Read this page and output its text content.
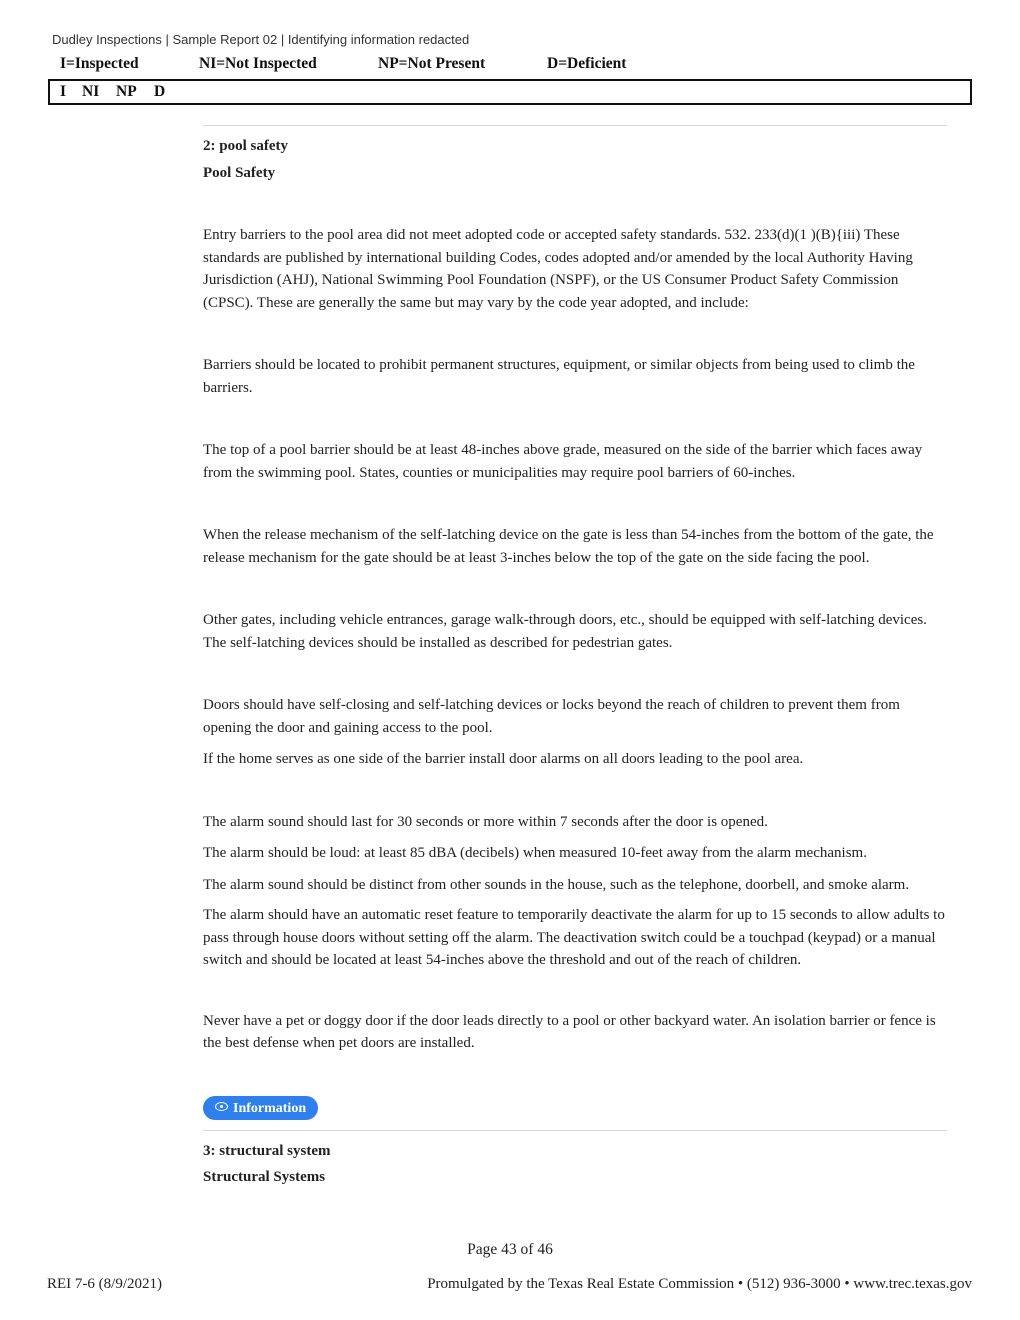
Dudley Inspections | Sample Report 02 | Identifying information redacted
I=Inspected	NI=Not Inspected	NP=Not Present	D=Deficient
I NI NP D
2: pool safety
Pool Safety

Entry barriers to the pool area did not meet adopted code or accepted safety standards. 532. 233(d)(1 )(B){iii) These standards are published by international building Codes, codes adopted and/or amended by the local Authority Having Jurisdiction (AHJ), National Swimming Pool Foundation (NSPF), or the US Consumer Product Safety Commission (CPSC). These are generally the same but may vary by the code year adopted, and include:

Barriers should be located to prohibit permanent structures, equipment, or similar objects from being used to climb the barriers.

The top of a pool barrier should be at least 48-inches above grade, measured on the side of the barrier which faces away from the swimming pool. States, counties or municipalities may require pool barriers of 60-inches.

When the release mechanism of the self-latching device on the gate is less than 54-inches from the bottom of the gate, the release mechanism for the gate should be at least 3-inches below the top of the gate on the side facing the pool.

Other gates, including vehicle entrances, garage walk-through doors, etc., should be equipped with self-latching devices. The self-latching devices should be installed as described for pedestrian gates.

Doors should have self-closing and self-latching devices or locks beyond the reach of children to prevent them from opening the door and gaining access to the pool.

If the home serves as one side of the barrier install door alarms on all doors leading to the pool area.

The alarm sound should last for 30 seconds or more within 7 seconds after the door is opened.

The alarm should be loud: at least 85 dBA (decibels) when measured 10-feet away from the alarm mechanism.

The alarm sound should be distinct from other sounds in the house, such as the telephone, doorbell, and smoke alarm.

The alarm should have an automatic reset feature to temporarily deactivate the alarm for up to 15 seconds to allow adults to pass through house doors without setting off the alarm. The deactivation switch could be a touchpad (keypad) or a manual switch and should be located at least 54-inches above the threshold and out of the reach of children.

Never have a pet or doggy door if the door leads directly to a pool or other backyard water. An isolation barrier or fence is the best defense when pet doors are installed.

Information
3: structural system
Structural Systems
Page 43 of 46
REI 7-6 (8/9/2021)	Promulgated by the Texas Real Estate Commission • (512) 936-3000 • www.trec.texas.gov
